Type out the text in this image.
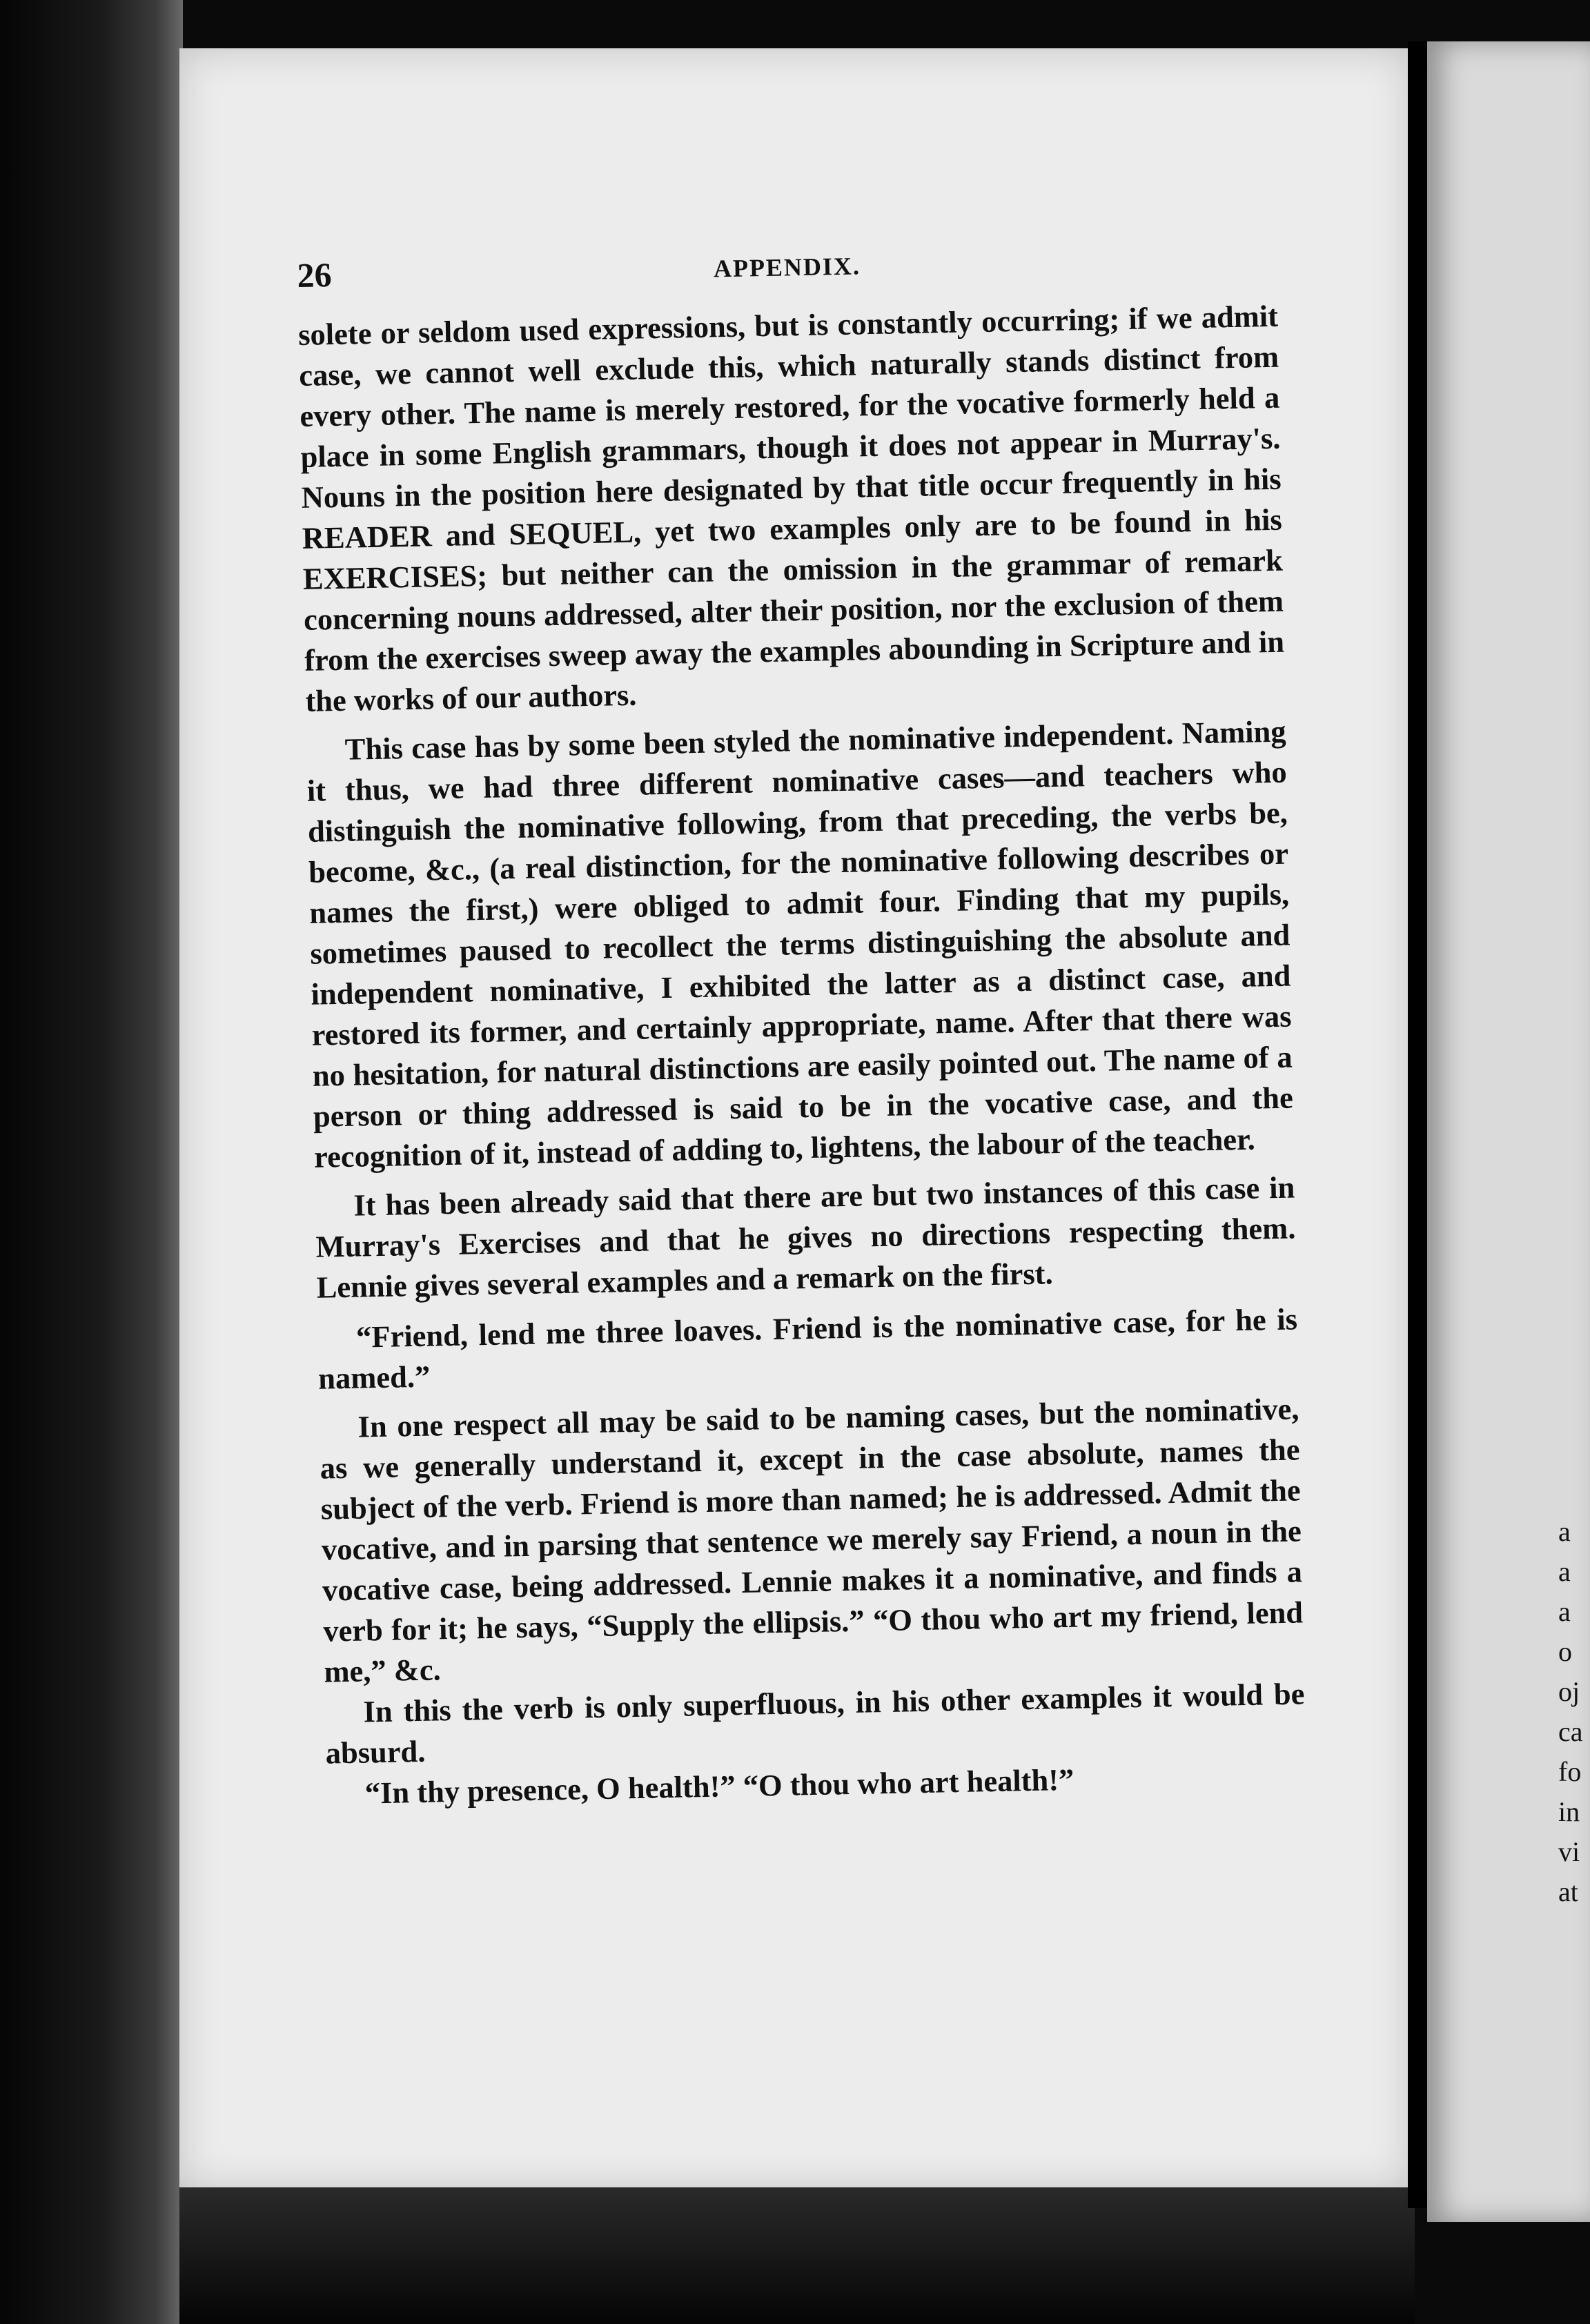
a
a
a
o
oj
ca
fo
in
vi
at
26	APPENDIX.

solete or seldom used expressions, but is constantly occurring; if we admit case, we cannot well exclude this, which naturally stands distinct from every other. The name is merely restored, for the vocative formerly held a place in some English grammars, though it does not appear in Murray's. Nouns in the position here designated by that title occur frequently in his READER and SEQUEL, yet two examples only are to be found in his EXERCISES; but neither can the omission in the grammar of remark concerning nouns addressed, alter their position, nor the exclusion of them from the exercises sweep away the examples abounding in Scripture and in the works of our authors.

This case has by some been styled the nominative independent. Naming it thus, we had three different nominative cases—and teachers who distinguish the nominative following, from that preceding, the verbs be, become, &c., (a real distinction, for the nominative following describes or names the first,) were obliged to admit four. Finding that my pupils, sometimes paused to recollect the terms distinguishing the absolute and independent nominative, I exhibited the latter as a distinct case, and restored its former, and certainly appropriate, name. After that there was no hesitation, for natural distinctions are easily pointed out. The name of a person or thing addressed is said to be in the vocative case, and the recognition of it, instead of adding to, lightens, the labour of the teacher.

It has been already said that there are but two instances of this case in Murray's Exercises and that he gives no directions respecting them. Lennie gives several examples and a remark on the first.

“Friend, lend me three loaves. Friend is the nominative case, for he is named.”

In one respect all may be said to be naming cases, but the nominative, as we generally understand it, except in the case absolute, names the subject of the verb. Friend is more than named; he is addressed. Admit the vocative, and in parsing that sentence we merely say Friend, a noun in the vocative case, being addressed. Lennie makes it a nominative, and finds a verb for it; he says, “Supply the ellipsis.” “O thou who art my friend, lend me,” &c.

In this the verb is only superfluous, in his other examples it would be absurd.

“In thy presence, O health!” “O thou who art health!”
